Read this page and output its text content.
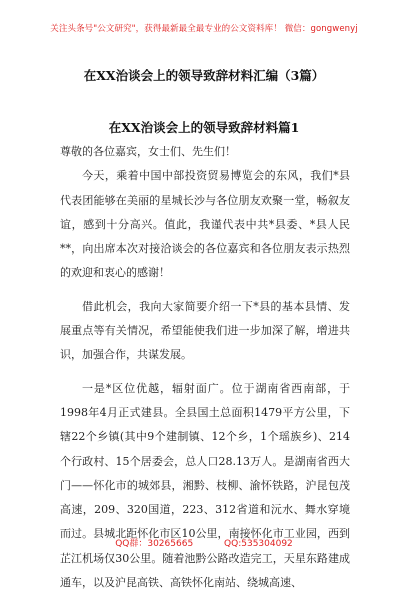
关注头条号"公文研究"，获得最新最全最专业的公文资料库！ 微信：gongwenyj
在XX治谈会上的领导致辞材料汇编（3篇）
在XX治谈会上的领导致辞材料篇1

尊敬的各位嘉宾，女士们、先生们！

今天，乘着中国中部投资贸易博览会的东风，我们*县代表团能够在美丽的星城长沙与各位朋友欢聚一堂，畅叙友谊，感到十分高兴。值此，我谨代表中共*县委、*县人民**，向出席本次对接洽谈会的各位嘉宾和各位朋友表示热烈的欢迎和衷心的感谢！

借此机会，我向大家简要介绍一下*县的基本县情、发展重点等有关情况，希望能使我们进一步加深了解，增进共识，加强合作，共谋发展。

一是*区位优越，辐射面广。位于湖南省西南部，于1998年4月正式建县。全县国土总面积1479平方公里，下辖22个乡镇(其中9个建制镇、12个乡，1个瑶族乡)、214个行政村、15个居委会，总人口28.13万人。是湖南省西大门——怀化市的城郊县，湘黔、枝柳、渝怀铁路，沪昆包茂高速，209、320国道，223、312省道和沅水、舞水穿境而过。县城北距怀化市区10公里，南接怀化市工业园，西到芷江机场仅30公里。随着池黔公路改造完工，天星东路建成通车，以及沪昆高铁、高铁怀化南站、绕城高速、

QQ群：30265665	QQ:535304092
